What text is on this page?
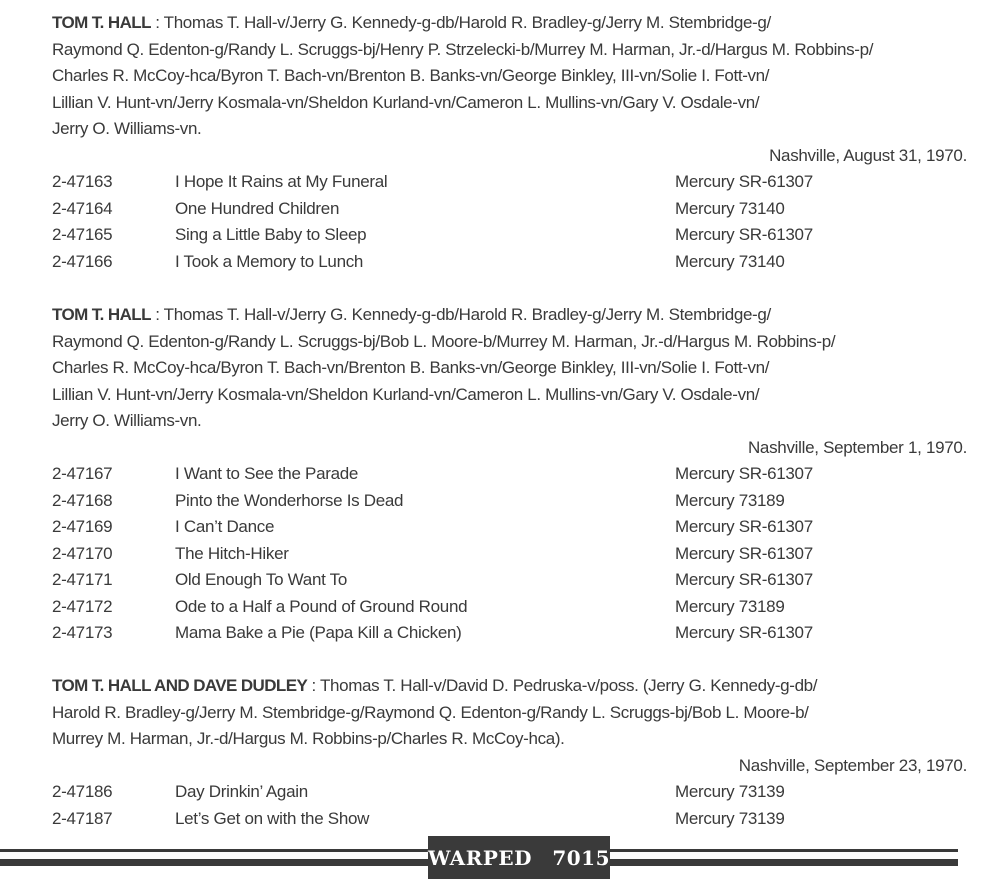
TOM T. HALL : Thomas T. Hall-v/Jerry G. Kennedy-g-db/Harold R. Bradley-g/Jerry M. Stembridge-g/
Raymond Q. Edenton-g/Randy L. Scruggs-bj/Henry P. Strzelecki-b/Murrey M. Harman, Jr.-d/Hargus M. Robbins-p/
Charles R. McCoy-hca/Byron T. Bach-vn/Brenton B. Banks-vn/George Binkley, III-vn/Solie I. Fott-vn/
Lillian V. Hunt-vn/Jerry Kosmala-vn/Sheldon Kurland-vn/Cameron L. Mullins-vn/Gary V. Osdale-vn/
Jerry O. Williams-vn.
Nashville, August 31, 1970.
2-47163	I Hope It Rains at My Funeral	Mercury SR-61307
2-47164	One Hundred Children	Mercury 73140
2-47165	Sing a Little Baby to Sleep	Mercury SR-61307
2-47166	I Took a Memory to Lunch	Mercury 73140
TOM T. HALL : Thomas T. Hall-v/Jerry G. Kennedy-g-db/Harold R. Bradley-g/Jerry M. Stembridge-g/
Raymond Q. Edenton-g/Randy L. Scruggs-bj/Bob L. Moore-b/Murrey M. Harman, Jr.-d/Hargus M. Robbins-p/
Charles R. McCoy-hca/Byron T. Bach-vn/Brenton B. Banks-vn/George Binkley, III-vn/Solie I. Fott-vn/
Lillian V. Hunt-vn/Jerry Kosmala-vn/Sheldon Kurland-vn/Cameron L. Mullins-vn/Gary V. Osdale-vn/
Jerry O. Williams-vn.
Nashville, September 1, 1970.
2-47167	I Want to See the Parade	Mercury SR-61307
2-47168	Pinto the Wonderhorse Is Dead	Mercury 73189
2-47169	I Can’t Dance	Mercury SR-61307
2-47170	The Hitch-Hiker	Mercury SR-61307
2-47171	Old Enough To Want To	Mercury SR-61307
2-47172	Ode to a Half a Pound of Ground Round	Mercury 73189
2-47173	Mama Bake a Pie (Papa Kill a Chicken)	Mercury SR-61307
TOM T. HALL AND DAVE DUDLEY : Thomas T. Hall-v/David D. Pedruska-v/poss. (Jerry G. Kennedy-g-db/
Harold R. Bradley-g/Jerry M. Stembridge-g/Raymond Q. Edenton-g/Randy L. Scruggs-bj/Bob L. Moore-b/
Murrey M. Harman, Jr.-d/Hargus M. Robbins-p/Charles R. McCoy-hca).
Nashville, September 23, 1970.
2-47186	Day Drinkin’ Again	Mercury 73139
2-47187	Let’s Get on with the Show	Mercury 73139
WARPED 7015
